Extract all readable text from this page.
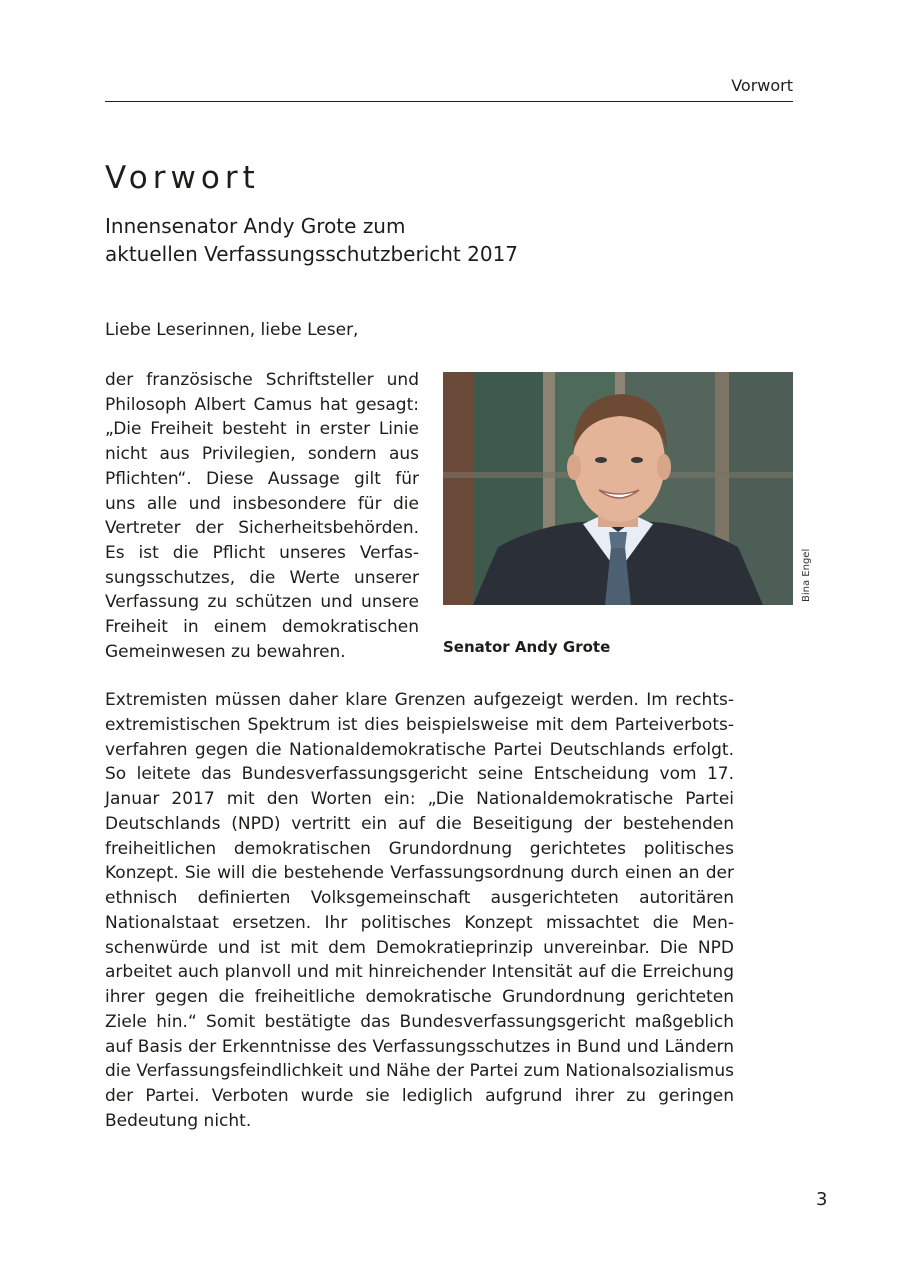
Vorwort
Vorwort
Innensenator Andy Grote zum
aktuellen Verfassungsschutzbericht 2017

Liebe Leserinnen, liebe Leser,

der französische Schriftsteller und Philosoph Albert Camus hat gesagt: „Die Freiheit besteht in erster Linie nicht aus Privilegien, sondern aus Pflichten“. Diese Aussage gilt für uns alle und insbesondere für die Vertreter der Sicherheitsbehörden. Es ist die Pflicht unseres Verfassungsschutzes, die Werte unserer Verfassung zu schützen und unsere Freiheit in einem demokratischen Gemeinwesen zu bewahren.

Bina Engel

Senator Andy Grote

Extremisten müssen daher klare Grenzen aufgezeigt werden. Im rechtsextremistischen Spektrum ist dies beispielsweise mit dem Parteiverbotsverfahren gegen die Nationaldemokratische Partei Deutschlands erfolgt. So leitete das Bundesverfassungsgericht seine Entscheidung vom 17. Januar 2017 mit den Worten ein: „Die Nationaldemokratische Partei Deutschlands (NPD) vertritt ein auf die Beseitigung der bestehenden freiheitlichen demokratischen Grundordnung gerichtetes politisches Konzept. Sie will die bestehende Verfassungsordnung durch einen an der ethnisch definierten Volksgemeinschaft ausgerichteten autoritären Nationalstaat ersetzen. Ihr politisches Konzept missachtet die Menschenwürde und ist mit dem Demokratieprinzip unvereinbar. Die NPD arbeitet auch planvoll und mit hinreichender Intensität auf die Erreichung ihrer gegen die freiheitliche demokratische Grundordnung gerichteten Ziele hin.“ Somit bestätigte das Bundesverfassungsgericht maßgeblich auf Basis der Erkenntnisse des Verfassungsschutzes in Bund und Ländern die Verfassungsfeindlichkeit und Nähe der Partei zum Nationalsozialismus der Partei. Verboten wurde sie lediglich aufgrund ihrer zu geringen Bedeutung nicht.

3
